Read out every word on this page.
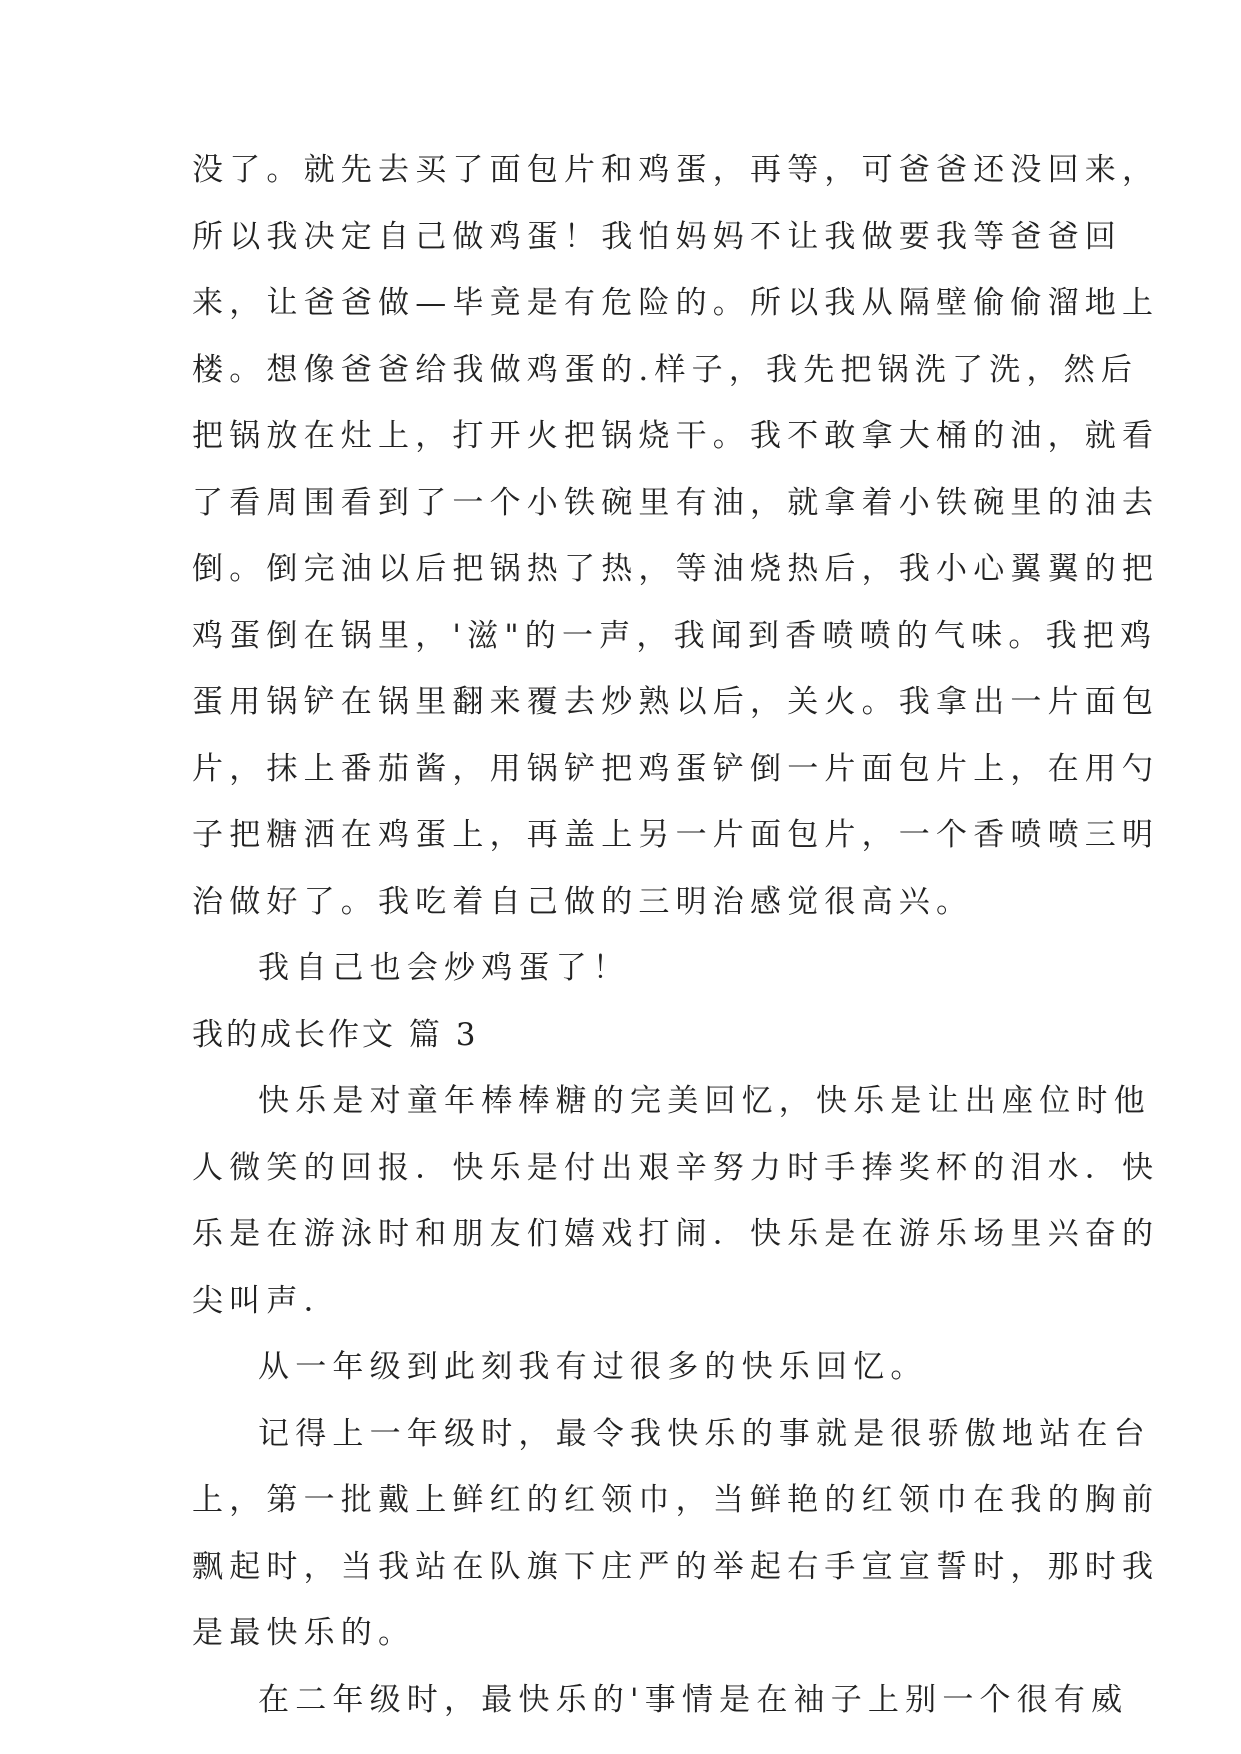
没了。就先去买了面包片和鸡蛋，再等，可爸爸还没回来，
所以我决定自己做鸡蛋！我怕妈妈不让我做要我等爸爸回
来，让爸爸做—毕竟是有危险的。所以我从隔壁偷偷溜地上
楼。想像爸爸给我做鸡蛋的.样子，我先把锅洗了洗，然后
把锅放在灶上，打开火把锅烧干。我不敢拿大桶的油，就看
了看周围看到了一个小铁碗里有油，就拿着小铁碗里的油去
倒。倒完油以后把锅热了热，等油烧热后，我小心翼翼的把
鸡蛋倒在锅里，'滋"的一声，我闻到香喷喷的气味。我把鸡
蛋用锅铲在锅里翻来覆去炒熟以后，关火。我拿出一片面包
片，抹上番茄酱，用锅铲把鸡蛋铲倒一片面包片上，在用勺
子把糖洒在鸡蛋上，再盖上另一片面包片，一个香喷喷三明
治做好了。我吃着自己做的三明治感觉很高兴。
我自己也会炒鸡蛋了！
我的成长作文 篇 3
快乐是对童年棒棒糖的完美回忆，快乐是让出座位时他
人微笑的回报．快乐是付出艰辛努力时手捧奖杯的泪水．快
乐是在游泳时和朋友们嬉戏打闹．快乐是在游乐场里兴奋的
尖叫声．
从一年级到此刻我有过很多的快乐回忆。
记得上一年级时，最令我快乐的事就是很骄傲地站在台
上，第一批戴上鲜红的红领巾，当鲜艳的红领巾在我的胸前
飘起时，当我站在队旗下庄严的举起右手宣宣誓时，那时我
是最快乐的。
在二年级时，最快乐的'事情是在袖子上别一个很有威
